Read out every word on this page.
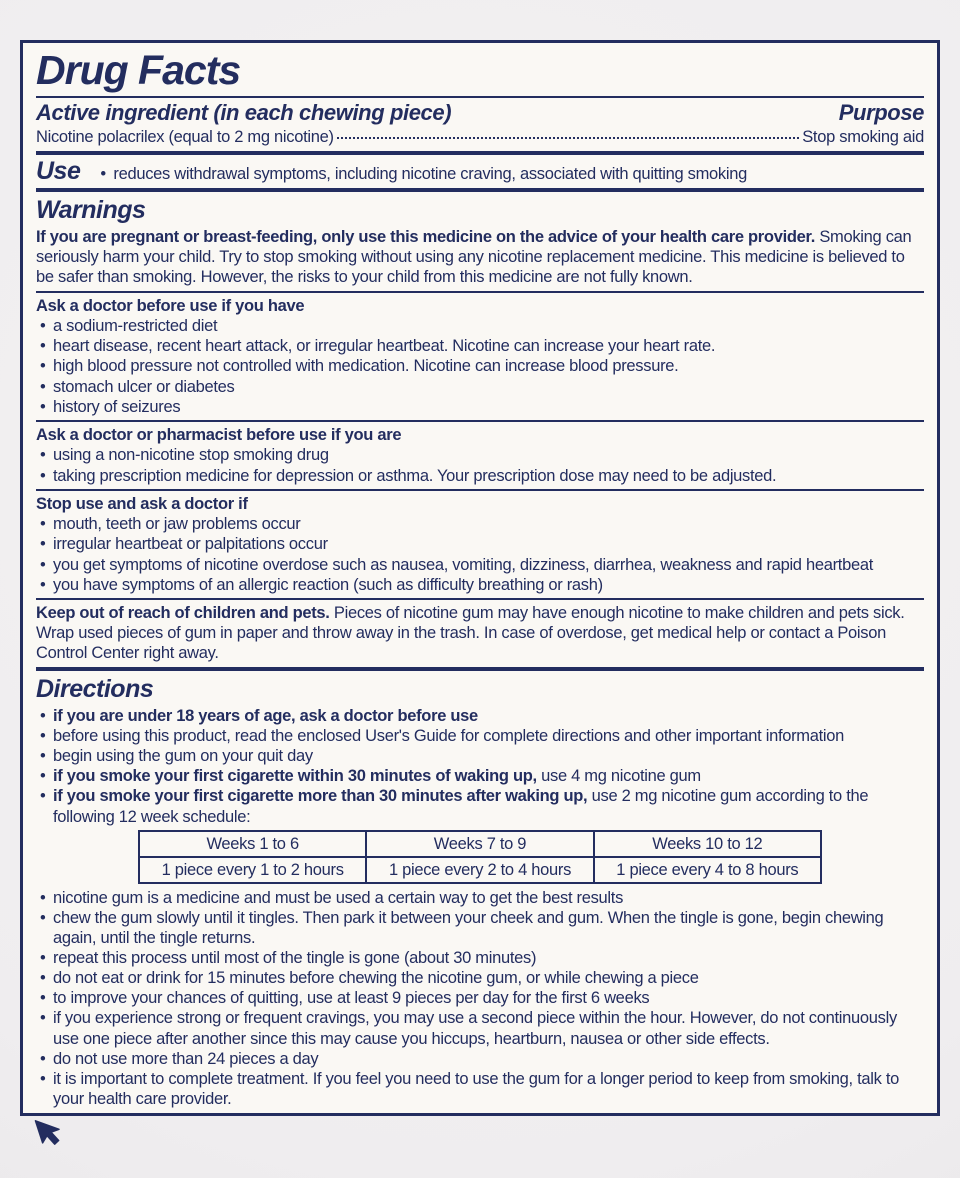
Drug Facts
Active ingredient (in each chewing piece)	Purpose
Nicotine polacrilex (equal to 2 mg nicotine)	Stop smoking aid
Use	• reduces withdrawal symptoms, including nicotine craving, associated with quitting smoking
Warnings

If you are pregnant or breast-feeding, only use this medicine on the advice of your health care provider. Smoking can seriously harm your child. Try to stop smoking without using any nicotine replacement medicine. This medicine is believed to be safer than smoking. However, the risks to your child from this medicine are not fully known.

Ask a doctor before use if you have
• a sodium-restricted diet
• heart disease, recent heart attack, or irregular heartbeat. Nicotine can increase your heart rate.
• high blood pressure not controlled with medication. Nicotine can increase blood pressure.
• stomach ulcer or diabetes
• history of seizures
Ask a doctor or pharmacist before use if you are
• using a non-nicotine stop smoking drug
• taking prescription medicine for depression or asthma. Your prescription dose may need to be adjusted.
Stop use and ask a doctor if
• mouth, teeth or jaw problems occur
• irregular heartbeat or palpitations occur
• you get symptoms of nicotine overdose such as nausea, vomiting, dizziness, diarrhea, weakness and rapid heartbeat
• you have symptoms of an allergic reaction (such as difficulty breathing or rash)

Keep out of reach of children and pets. Pieces of nicotine gum may have enough nicotine to make children and pets sick. Wrap used pieces of gum in paper and throw away in the trash. In case of overdose, get medical help or contact a Poison Control Center right away.

Directions
• if you are under 18 years of age, ask a doctor before use
• before using this product, read the enclosed User's Guide for complete directions and other important information
• begin using the gum on your quit day
• if you smoke your first cigarette within 30 minutes of waking up, use 4 mg nicotine gum
• if you smoke your first cigarette more than 30 minutes after waking up, use 2 mg nicotine gum according to the following 12 week schedule:
Weeks 1 to 6	Weeks 7 to 9	Weeks 10 to 12
1 piece every 1 to 2 hours	1 piece every 2 to 4 hours	1 piece every 4 to 8 hours
• nicotine gum is a medicine and must be used a certain way to get the best results
• chew the gum slowly until it tingles. Then park it between your cheek and gum. When the tingle is gone, begin chewing again, until the tingle returns.
• repeat this process until most of the tingle is gone (about 30 minutes)
• do not eat or drink for 15 minutes before chewing the nicotine gum, or while chewing a piece
• to improve your chances of quitting, use at least 9 pieces per day for the first 6 weeks
• if you experience strong or frequent cravings, you may use a second piece within the hour. However, do not continuously use one piece after another since this may cause you hiccups, heartburn, nausea or other side effects.
• do not use more than 24 pieces a day
• it is important to complete treatment. If you feel you need to use the gum for a longer period to keep from smoking, talk to your health care provider.
